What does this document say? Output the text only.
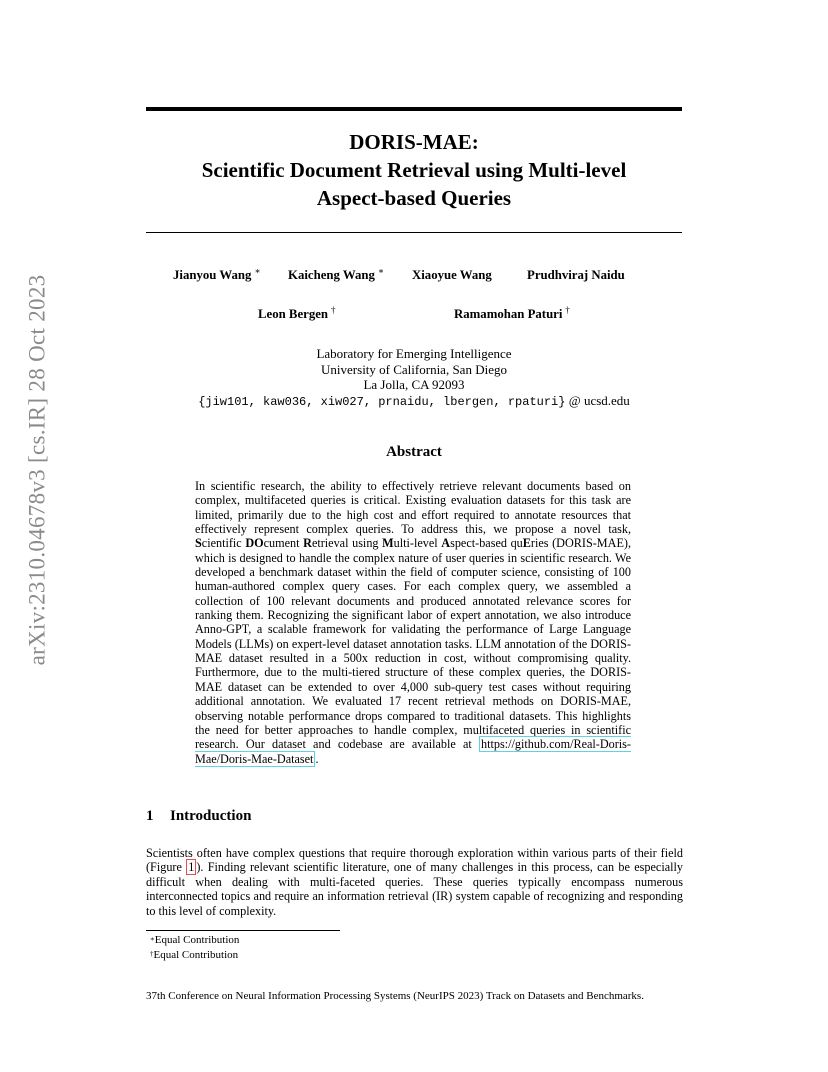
arXiv:2310.04678v3 [cs.IR] 28 Oct 2023
DORIS-MAE:
Scientific Document Retrieval using Multi-level
Aspect-based Queries
Jianyou Wang ∗ Kaicheng Wang ∗ Xiaoyue Wang	Prudhviraj Naidu
Leon Bergen †	Ramamohan Paturi †
Laboratory for Emerging Intelligence
University of California, San Diego
La Jolla, CA 92093
{jiw101, kaw036, xiw027, prnaidu, lbergen, rpaturi} @ ucsd.edu
Abstract

In scientific research, the ability to effectively retrieve relevant documents based on complex, multifaceted queries is critical. Existing evaluation datasets for this task are limited, primarily due to the high cost and effort required to annotate resources that effectively represent complex queries. To address this, we propose a novel task, Scientific DOcument Retrieval using Multi-level Aspect-based quEries (DORIS-MAE), which is designed to handle the complex nature of user queries in scientific research. We developed a benchmark dataset within the field of computer science, consisting of 100 human-authored complex query cases. For each complex query, we assembled a collection of 100 relevant documents and produced annotated relevance scores for ranking them. Recognizing the significant labor of expert annotation, we also introduce Anno-GPT, a scalable framework for validating the performance of Large Language Models (LLMs) on expert-level dataset annotation tasks. LLM annotation of the DORIS-MAE dataset resulted in a 500x reduction in cost, without compromising quality. Furthermore, due to the multi-tiered structure of these complex queries, the DORIS-MAE dataset can be extended to over 4,000 sub-query test cases without requiring additional annotation. We evaluated 17 recent retrieval methods on DORIS-MAE, observing notable performance drops compared to traditional datasets. This highlights the need for better approaches to handle complex, multifaceted queries in scientific research. Our dataset and codebase are available at https://github.com/Real-Doris-Mae/Doris-Mae-Dataset .

1 Introduction

Scientists often have complex questions that require thorough exploration within various parts of their field (Figure 1 ). Finding relevant scientific literature, one of many challenges in this process, can be especially difficult when dealing with multi-faceted queries. These queries typically encompass numerous interconnected topics and require an information retrieval (IR) system capable of recognizing and responding to this level of complexity.

∗Equal Contribution
†Equal Contribution
37th Conference on Neural Information Processing Systems (NeurIPS 2023) Track on Datasets and Benchmarks.
